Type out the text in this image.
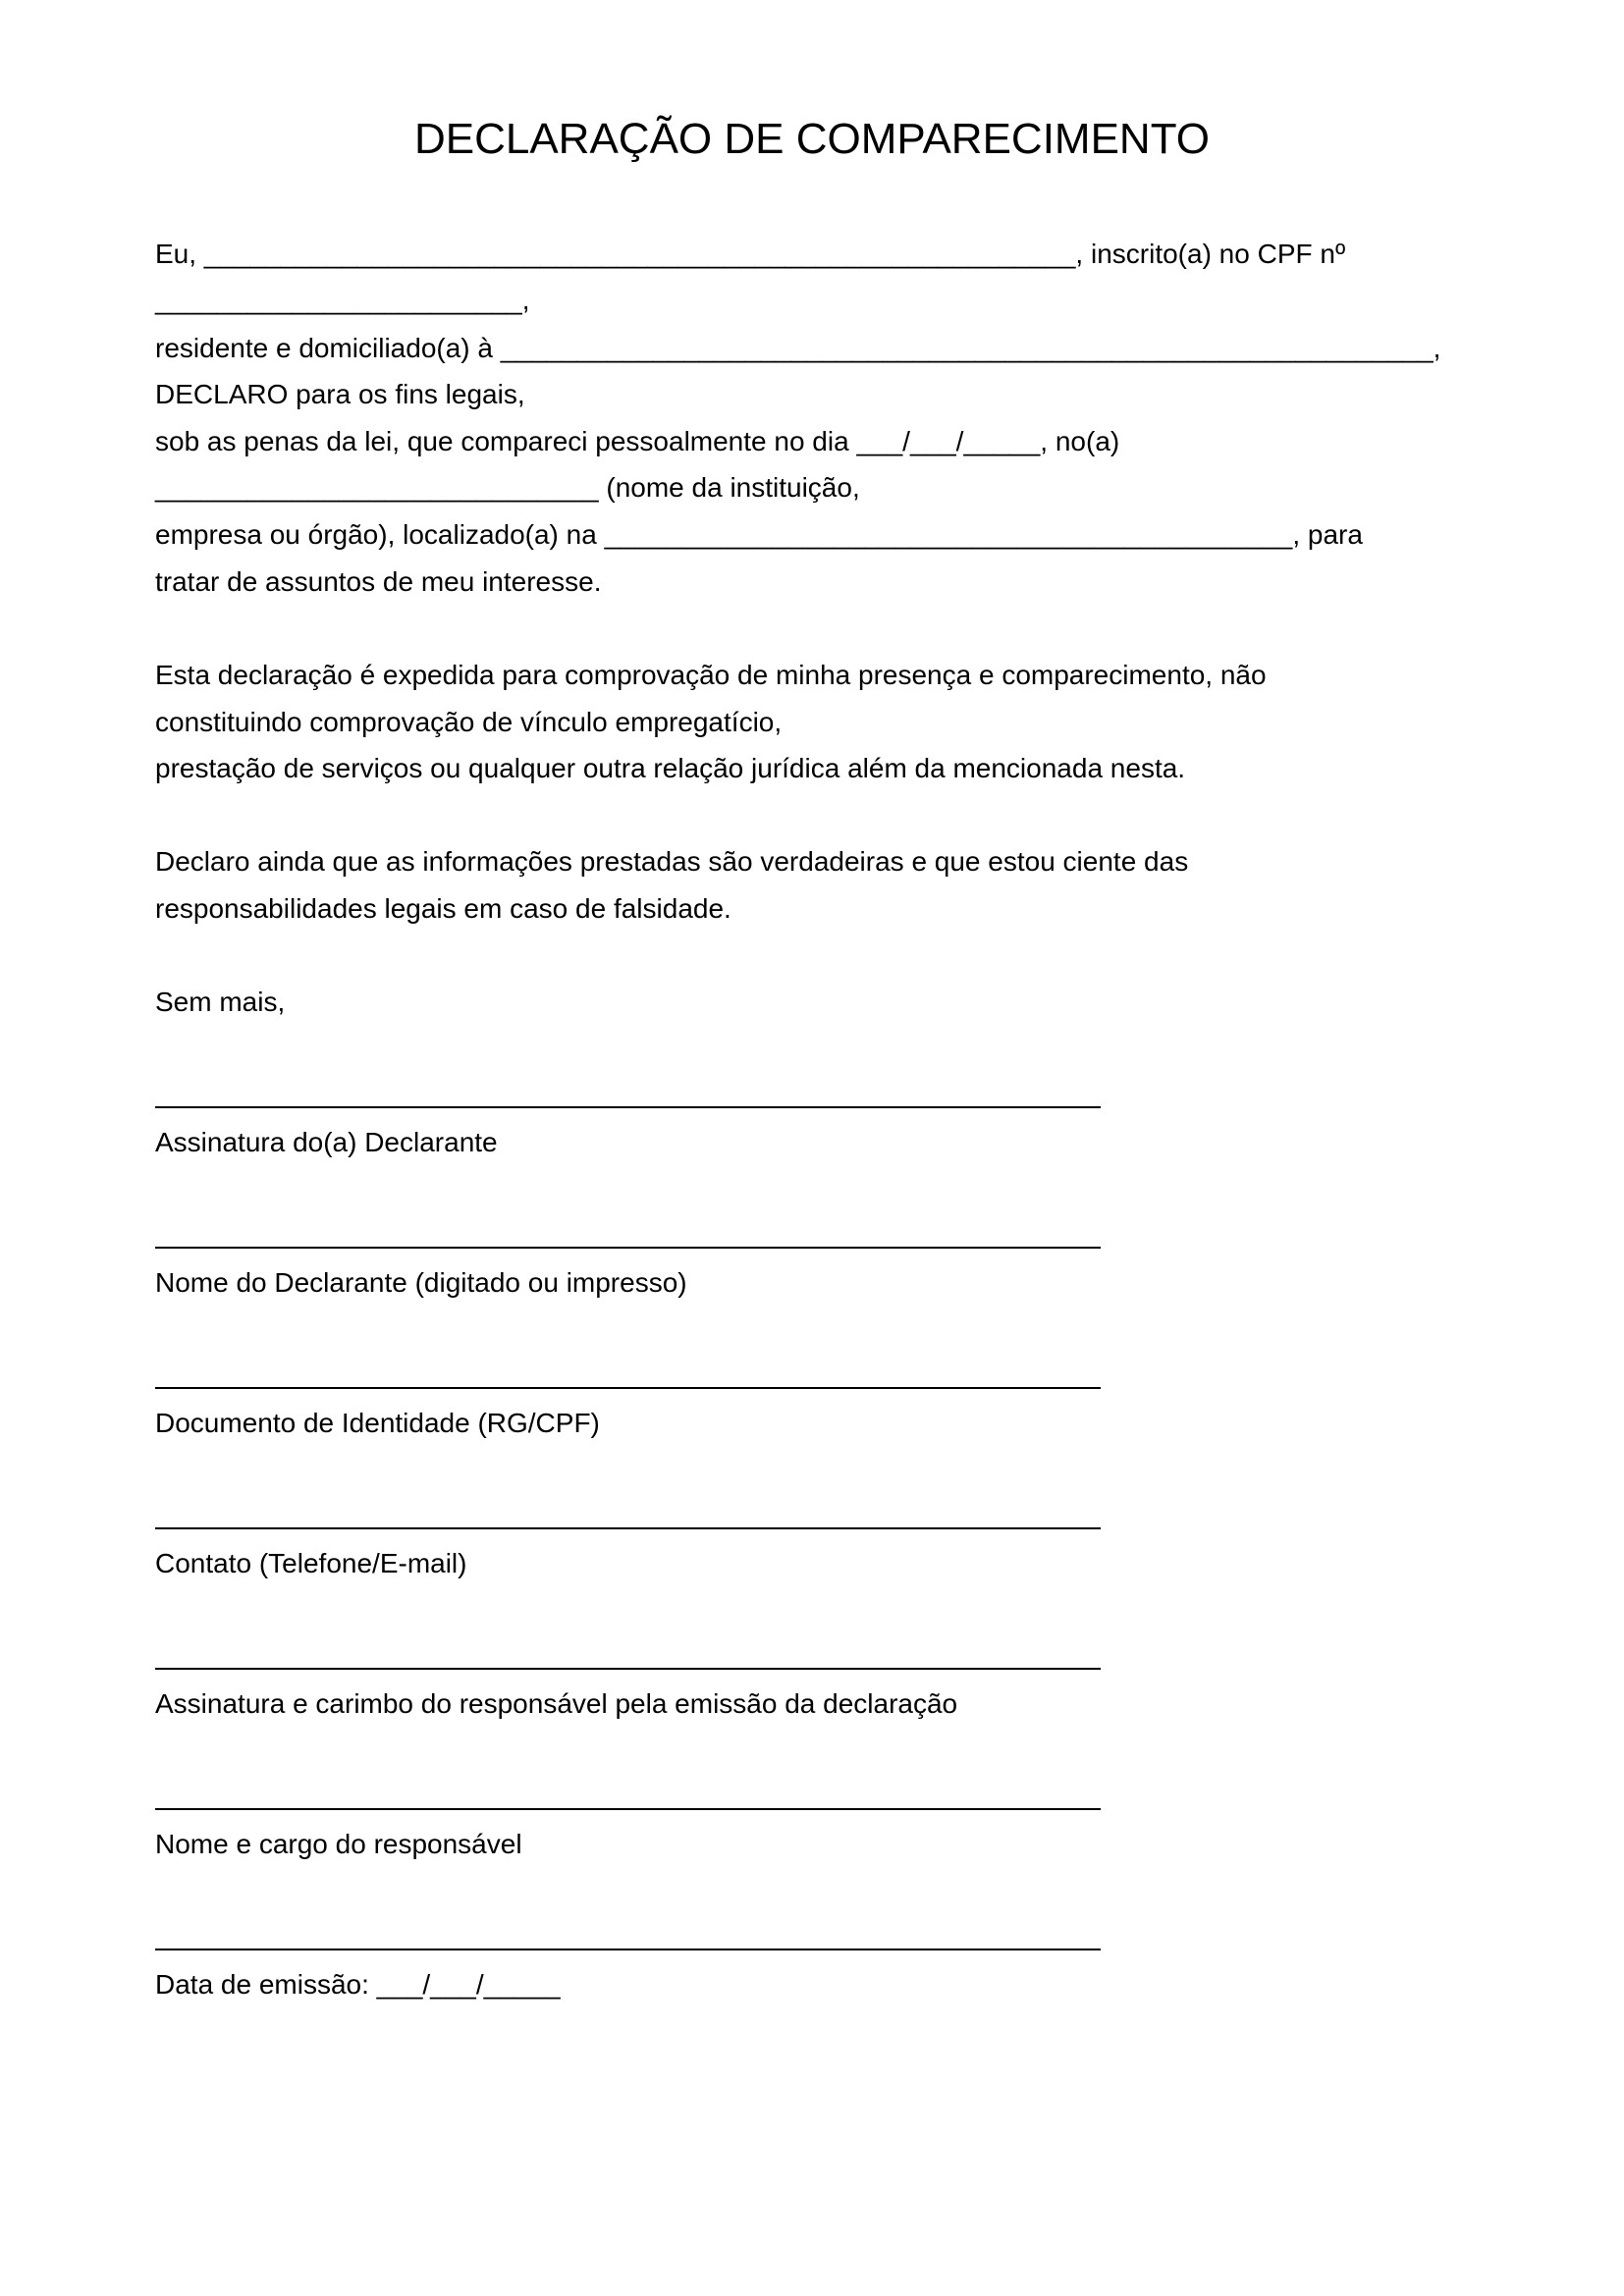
DECLARAÇÃO DE COMPARECIMENTO
Eu, _________________________________________________________, inscrito(a) no CPF nº
________________________,
residente e domiciliado(a) à _____________________________________________________________,
DECLARO para os fins legais,
sob as penas da lei, que compareci pessoalmente no dia ___/___/_____, no(a)
_____________________________ (nome da instituição,
empresa ou órgão), localizado(a) na _____________________________________________, para
tratar de assuntos de meu interesse.
Esta declaração é expedida para comprovação de minha presença e comparecimento, não
constituindo comprovação de vínculo empregatício,
prestação de serviços ou qualquer outra relação jurídica além da mencionada nesta.
Declaro ainda que as informações prestadas são verdadeiras e que estou ciente das
responsabilidades legais em caso de falsidade.
Sem mais,
Assinatura do(a) Declarante
Nome do Declarante (digitado ou impresso)
Documento de Identidade (RG/CPF)
Contato (Telefone/E-mail)
Assinatura e carimbo do responsável pela emissão da declaração
Nome e cargo do responsável
Data de emissão: ___/___/_____
